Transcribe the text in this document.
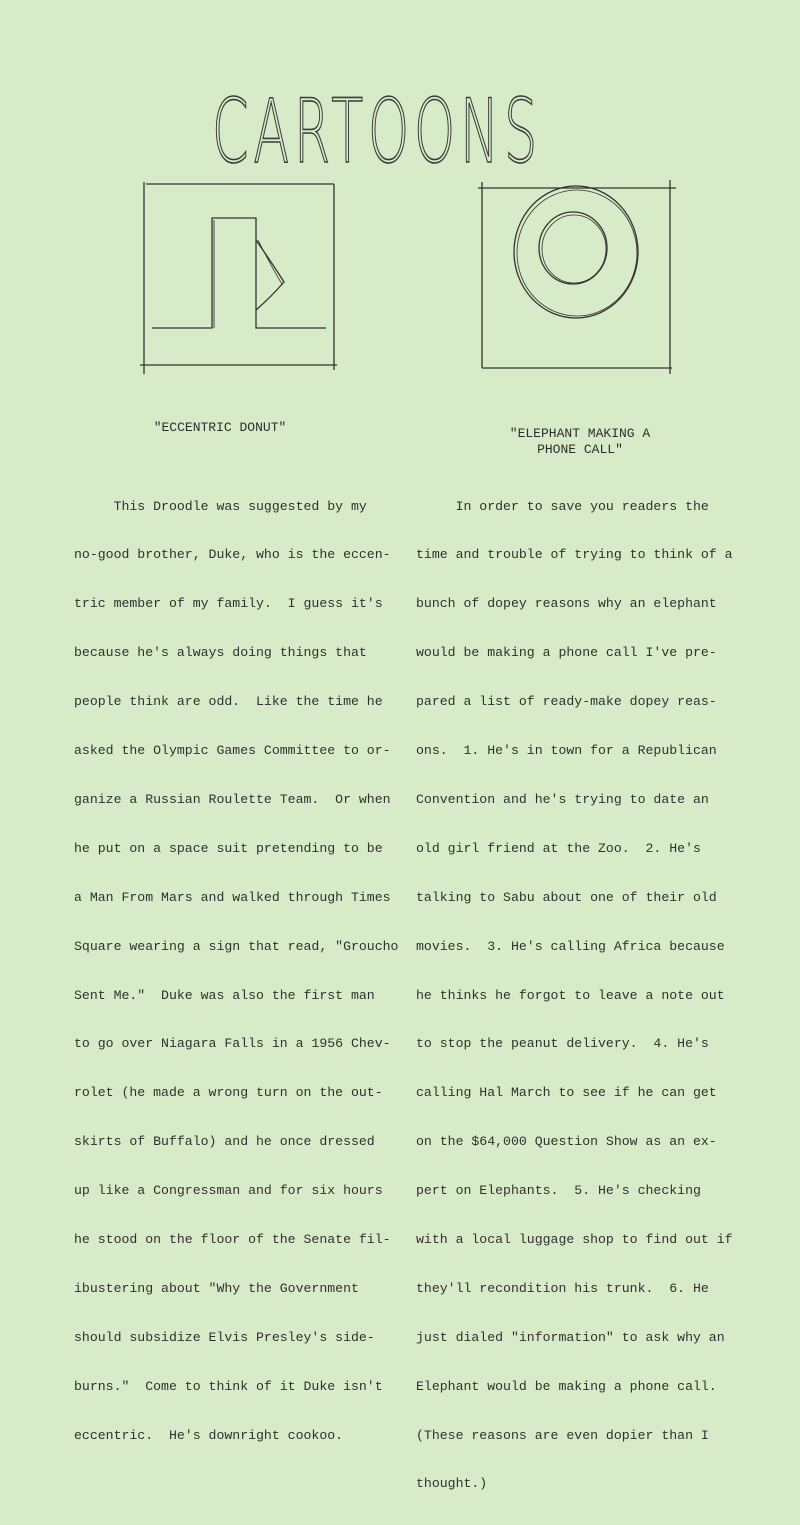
CARTOONS
"ECCENTRIC DONUT"	"ELEPHANT MAKING A
PHONE CALL"

This Droodle was suggested by my

no-good brother, Duke, who is the eccen-

tric member of my family.  I guess it's

because he's always doing things that

people think are odd.  Like the time he

asked the Olympic Games Committee to or-

ganize a Russian Roulette Team.  Or when

he put on a space suit pretending to be

a Man From Mars and walked through Times

Square wearing a sign that read, "Groucho

Sent Me."  Duke was also the first man

to go over Niagara Falls in a 1956 Chev-

rolet (he made a wrong turn on the out-

skirts of Buffalo) and he once dressed

up like a Congressman and for six hours

he stood on the floor of the Senate fil-

ibustering about "Why the Government

should subsidize Elvis Presley's side-

burns."  Come to think of it Duke isn't

eccentric.  He's downright cookoo.

In order to save you readers the

time and trouble of trying to think of a

bunch of dopey reasons why an elephant

would be making a phone call I've pre-

pared a list of ready-make dopey reas-

ons.  1. He's in town for a Republican

Convention and he's trying to date an

old girl friend at the Zoo.  2. He's

talking to Sabu about one of their old

movies.  3. He's calling Africa because

he thinks he forgot to leave a note out

to stop the peanut delivery.  4. He's

calling Hal March to see if he can get

on the $64,000 Question Show as an ex-

pert on Elephants.  5. He's checking

with a local luggage shop to find out if

they'll recondition his trunk.  6. He

just dialed "information" to ask why an

Elephant would be making a phone call.

(These reasons are even dopier than I

thought.)
